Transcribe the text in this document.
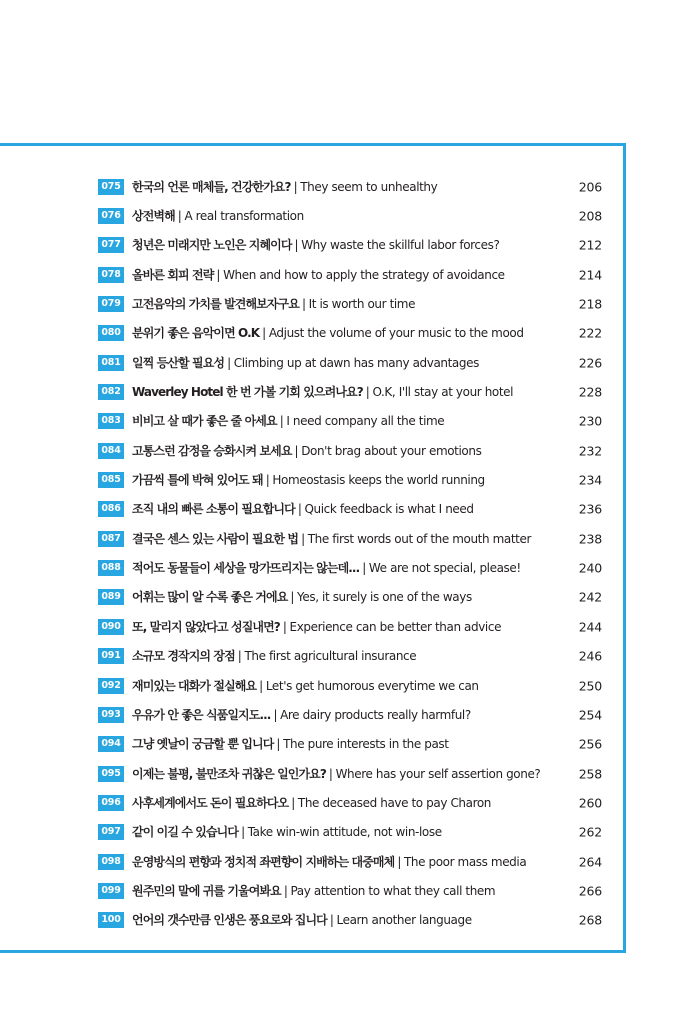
075 한국의 언론 매체들, 건강한가요? | They seem to unhealthy	206
076 상전벽해 | A real transformation	208
077 청년은 미래지만 노인은 지혜이다 | Why waste the skillful labor forces?	212
078 올바른 회피 전략 | When and how to apply the strategy of avoidance	214
079 고전음악의 가치를 발견해보자구요 | It is worth our time	218
080 분위기 좋은 음악이면 O.K | Adjust the volume of your music to the mood	222
081 일찍 등산할 필요성 | Climbing up at dawn has many advantages	226
082 Waverley Hotel 한 번 가볼 기회 있으려나요? | O.K, I'll stay at your hotel	228
083 비비고 살 때가 좋은 줄 아세요 | I need company all the time	230
084 고통스런 감정을 승화시켜 보세요 | Don't brag about your emotions	232
085 가끔씩 틀에 박혀 있어도 돼 | Homeostasis keeps the world running	234
086 조직 내의 빠른 소통이 필요합니다 | Quick feedback is what I need	236
087 결국은 센스 있는 사람이 필요한 법 | The first words out of the mouth matter	238
088 적어도 동물들이 세상을 망가뜨리지는 않는데... | We are not special, please!	240
089 어휘는 많이 알 수록 좋은 거에요 | Yes, it surely is one of the ways	242
090 또, 말리지 않았다고 성질내면? | Experience can be better than advice	244
091 소규모 경작지의 장점 | The first agricultural insurance	246
092 재미있는 대화가 절실해요 | Let's get humorous everytime we can	250
093 우유가 안 좋은 식품일지도... | Are dairy products really harmful?	254
094 그냥 옛날이 궁금할 뿐 입니다 | The pure interests in the past	256
095 이제는 불평, 불만조차 귀찮은 일인가요? | Where has your self assertion gone?	258
096 사후세계에서도 돈이 필요하다오 | The deceased have to pay Charon	260
097 같이 이길 수 있습니다 | Take win-win attitude, not win-lose	262
098 운영방식의 편향과 정치적 좌편향이 지배하는 대중매체 | The poor mass media	264
099 원주민의 말에 귀를 기울여봐요 | Pay attention to what they call them	266
100 언어의 갯수만큼 인생은 풍요로와 집니다 | Learn another language	268
